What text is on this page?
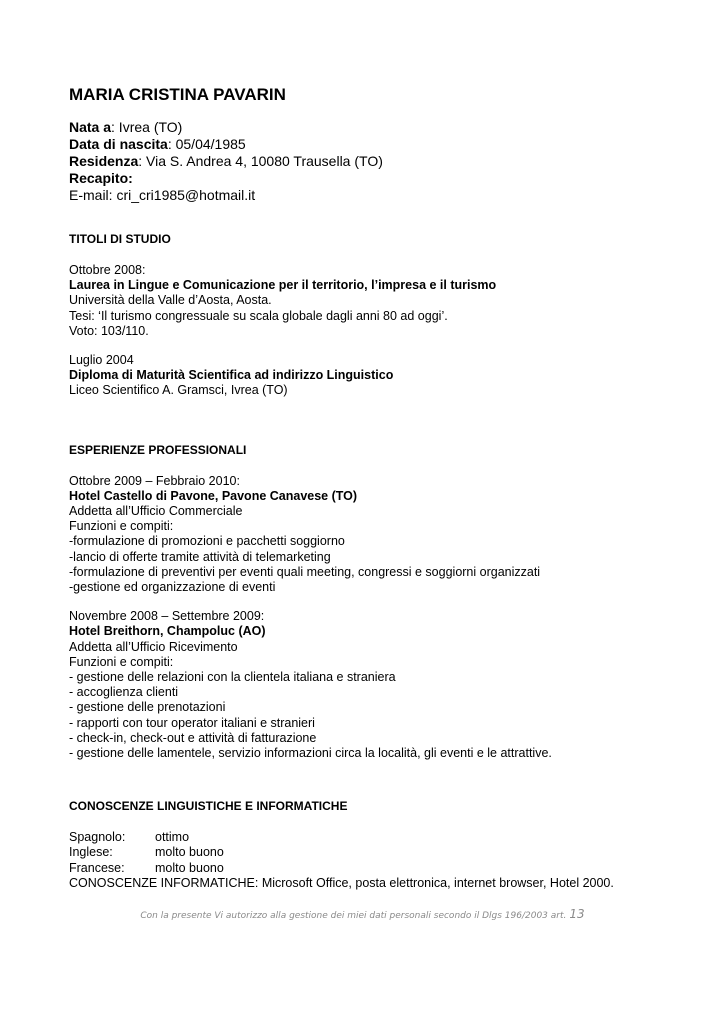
MARIA CRISTINA PAVARIN
Nata a: Ivrea (TO)
Data di nascita: 05/04/1985
Residenza: Via S. Andrea 4, 10080 Trausella (TO)
Recapito:
E-mail: cri_cri1985@hotmail.it
TITOLI DI STUDIO
Ottobre 2008:
Laurea in Lingue e Comunicazione per il territorio, l’impresa e il turismo
Università della Valle d’Aosta, Aosta.
Tesi: ‘Il turismo congressuale su scala globale dagli anni 80 ad oggi’.
Voto: 103/110.
Luglio 2004
Diploma di Maturità Scientifica ad indirizzo Linguistico
Liceo Scientifico A. Gramsci, Ivrea (TO)
ESPERIENZE PROFESSIONALI
Ottobre 2009 – Febbraio 2010:
Hotel Castello di Pavone, Pavone Canavese (TO)
Addetta all’Ufficio Commerciale
Funzioni e compiti:
-formulazione di promozioni e pacchetti soggiorno
-lancio di offerte tramite attività di telemarketing
-formulazione di preventivi per eventi quali meeting, congressi e soggiorni organizzati
-gestione ed organizzazione di eventi
Novembre 2008 – Settembre 2009:
Hotel Breithorn, Champoluc (AO)
Addetta all’Ufficio Ricevimento
Funzioni e compiti:
- gestione delle relazioni con la clientela italiana e straniera
- accoglienza clienti
- gestione delle prenotazioni
- rapporti con tour operator italiani e stranieri
- check-in, check-out e attività di fatturazione
- gestione delle lamentele, servizio informazioni circa la località, gli eventi e le attrattive.
CONOSCENZE LINGUISTICHE E INFORMATICHE
Spagnolo:	ottimo
Inglese:	molto buono
Francese:	molto buono
CONOSCENZE INFORMATICHE: Microsoft Office, posta elettronica, internet browser, Hotel 2000.
Con la presente Vi autorizzo alla gestione dei miei dati personali secondo il Dlgs 196/2003 art. 13
